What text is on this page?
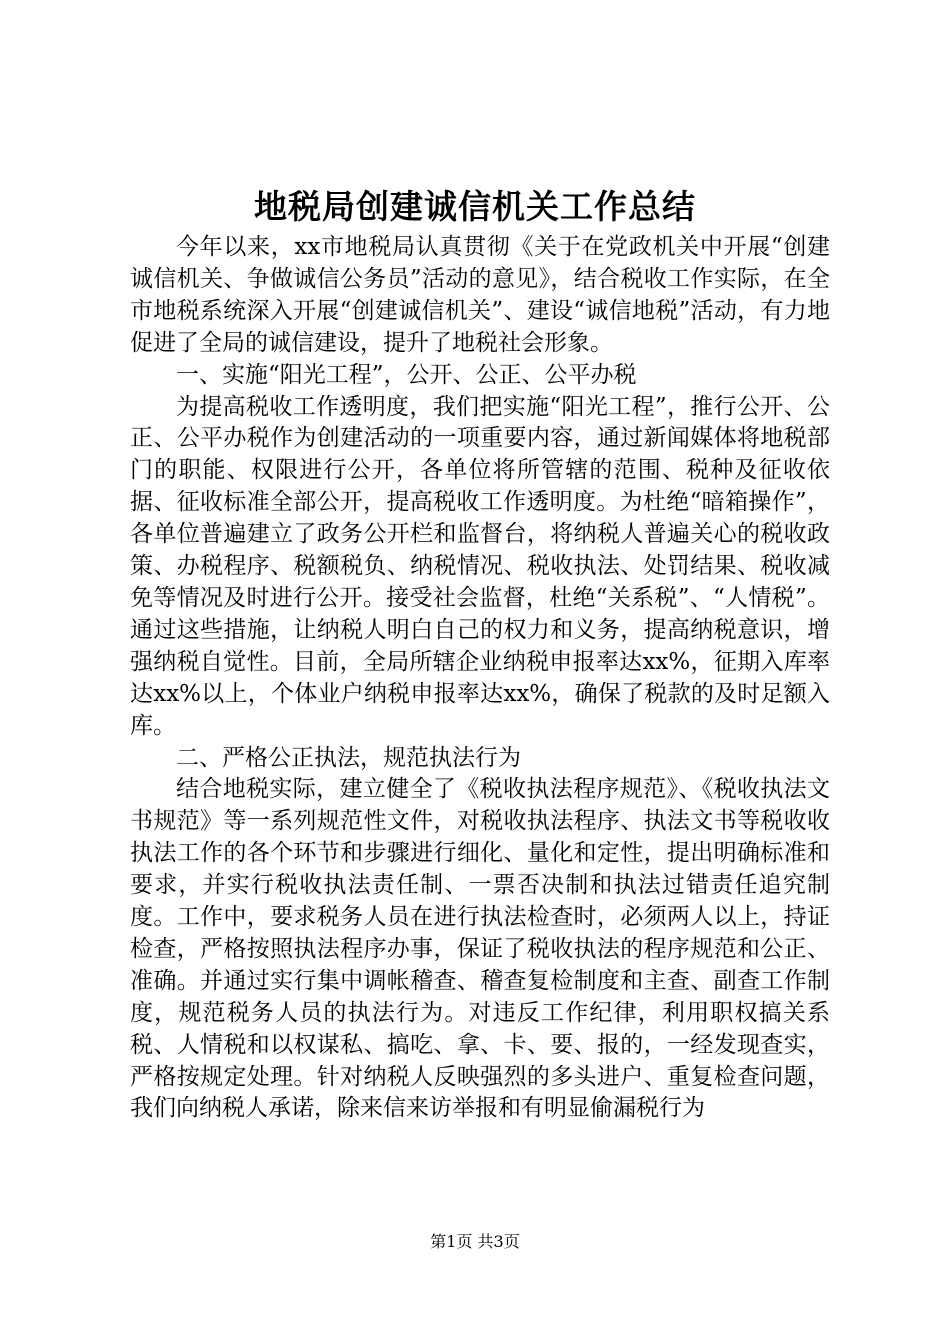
地税局创建诚信机关工作总结

今年以来，xx市地税局认真贯彻《关于在党政机关中开展“创建诚信机关、争做诚信公务员”活动的意见》，结合税收工作实际，在全市地税系统深入开展“创建诚信机关”、建设“诚信地税”活动，有力地促进了全局的诚信建设，提升了地税社会形象。

一、实施“阳光工程”，公开、公正、公平办税

为提高税收工作透明度，我们把实施“阳光工程”，推行公开、公正、公平办税作为创建活动的一项重要内容，通过新闻媒体将地税部门的职能、权限进行公开，各单位将所管辖的范围、税种及征收依据、征收标准全部公开，提高税收工作透明度。为杜绝“暗箱操作”，各单位普遍建立了政务公开栏和监督台，将纳税人普遍关心的税收政策、办税程序、税额税负、纳税情况、税收执法、处罚结果、税收减免等情况及时进行公开。接受社会监督，杜绝“关系税”、“人情税”。通过这些措施，让纳税人明白自己的权力和义务，提高纳税意识，增强纳税自觉性。目前，全局所辖企业纳税申报率达xx%，征期入库率达xx%以上，个体业户纳税申报率达xx%，确保了税款的及时足额入库。

二、严格公正执法，规范执法行为

结合地税实际，建立健全了《税收执法程序规范》、《税收执法文书规范》等一系列规范性文件，对税收执法程序、执法文书等税收收执法工作的各个环节和步骤进行细化、量化和定性，提出明确标准和要求，并实行税收执法责任制、一票否决制和执法过错责任追究制度。工作中，要求税务人员在进行执法检查时，必须两人以上，持证检查，严格按照执法程序办事，保证了税收执法的程序规范和公正、准确。并通过实行集中调帐稽查、稽查复检制度和主查、副查工作制度，规范税务人员的执法行为。对违反工作纪律，利用职权搞关系税、人情税和以权谋私、搞吃、拿、卡、要、报的，一经发现查实，严格按规定处理。针对纳税人反映强烈的多头进户、重复检查问题，我们向纳税人承诺，除来信来访举报和有明显偷漏税行为

第1页 共3页
